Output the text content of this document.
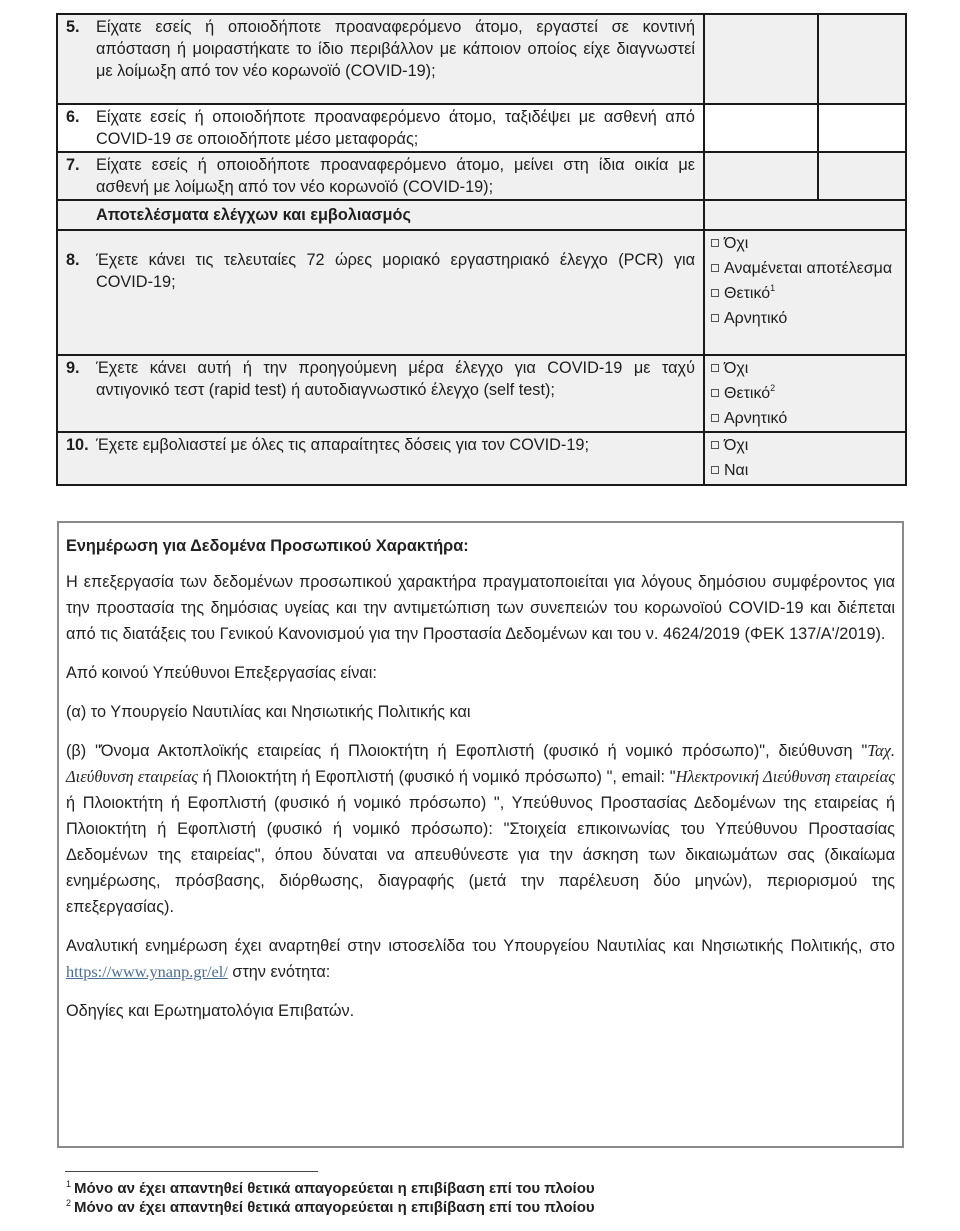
5. Είχατε εσείς ή οποιοδήποτε προαναφερόμενο άτομο, εργαστεί σε κοντινή απόσταση ή μοιραστήκατε το ίδιο περιβάλλον με κάποιον οποίος είχε διαγνωστεί με λοίμωξη από τον νέο κορωνοϊό (COVID-19);		

6. Είχατε εσείς ή οποιοδήποτε προαναφερόμενο άτομο, ταξιδέψει με ασθενή από COVID-19 σε οποιοδήποτε μέσο μεταφοράς;		

7. Είχατε εσείς ή οποιοδήποτε προαναφερόμενο άτομο, μείνει στη ίδια οικία με ασθενή με λοίμωξη από τον νέο κορωνοϊό (COVID-19);		

Αποτελέσματα ελέγχων και εμβολιασμός		

8. Έχετε κάνει τις τελευταίες 72 ώρες μοριακό εργαστηριακό έλεγχο (PCR) για COVID-19;	Όχι
Αναμένεται αποτέλεσμα
Θετικό$^1$
Αρνητικό	

9. Έχετε κάνει αυτή ή την προηγούμενη μέρα έλεγχο για COVID-19 με ταχύ αντιγονικό τεστ (rapid test) ή αυτοδιαγνωστικό έλεγχο (self test);	Όχι
Θετικό$^2$
Αρνητικό	

10. Έχετε εμβολιαστεί με όλες τις απαραίτητες δόσεις για τον COVID-19;	Όχι
Ναι	

Ενημέρωση για Δεδομένα Προσωπικού Χαρακτήρα:

Η επεξεργασία των δεδομένων προσωπικού χαρακτήρα πραγματοποιείται για λόγους δημόσιου συμφέροντος για την προστασία της δημόσιας υγείας και την αντιμετώπιση των συνεπειών του κορωνοϊού COVID-19 και διέπεται από τις διατάξεις του Γενικού Κανονισμού για την Προστασία Δεδομένων και του ν. 4624/2019 (ΦΕΚ 137/Α'/2019).

Από κοινού Υπεύθυνοι Επεξεργασίας είναι:

(α) το Υπουργείο Ναυτιλίας και Νησιωτικής Πολιτικής και

(β) "Όνομα Ακτοπλοϊκής εταιρείας ή Πλοιοκτήτη ή Εφοπλιστή (φυσικό ή νομικό πρόσωπο)", διεύθυνση "Ταχ. Διεύθυνση εταιρείας ή Πλοιοκτήτη ή Εφοπλιστή (φυσικό ή νομικό πρόσωπο) ", email: "Ηλεκτρονική Διεύθυνση εταιρείας ή Πλοιοκτήτη ή Εφοπλιστή (φυσικό ή νομικό πρόσωπο) ", Υπεύθυνος Προστασίας Δεδομένων της εταιρείας ή Πλοιοκτήτη ή Εφοπλιστή (φυσικό ή νομικό πρόσωπο): "Στοιχεία επικοινωνίας του Υπεύθυνου Προστασίας Δεδομένων της εταιρείας", όπου δύναται να απευθύνεστε για την άσκηση των δικαιωμάτων σας (δικαίωμα ενημέρωσης, πρόσβασης, διόρθωσης, διαγραφής (μετά την παρέλευση δύο μηνών), περιορισμού της επεξεργασίας).

Αναλυτική ενημέρωση έχει αναρτηθεί στην ιστοσελίδα του Υπουργείου Ναυτιλίας και Νησιωτικής Πολιτικής, στο https://www.ynanp.gr/el/ στην ενότητα:

Οδηγίες και Ερωτηματολόγια Επιβατών.

$^1$ Μόνο αν έχει απαντηθεί θετικά απαγορεύεται η επιβίβαση επί του πλοίου
$^2$ Μόνο αν έχει απαντηθεί θετικά απαγορεύεται η επιβίβαση επί του πλοίου
